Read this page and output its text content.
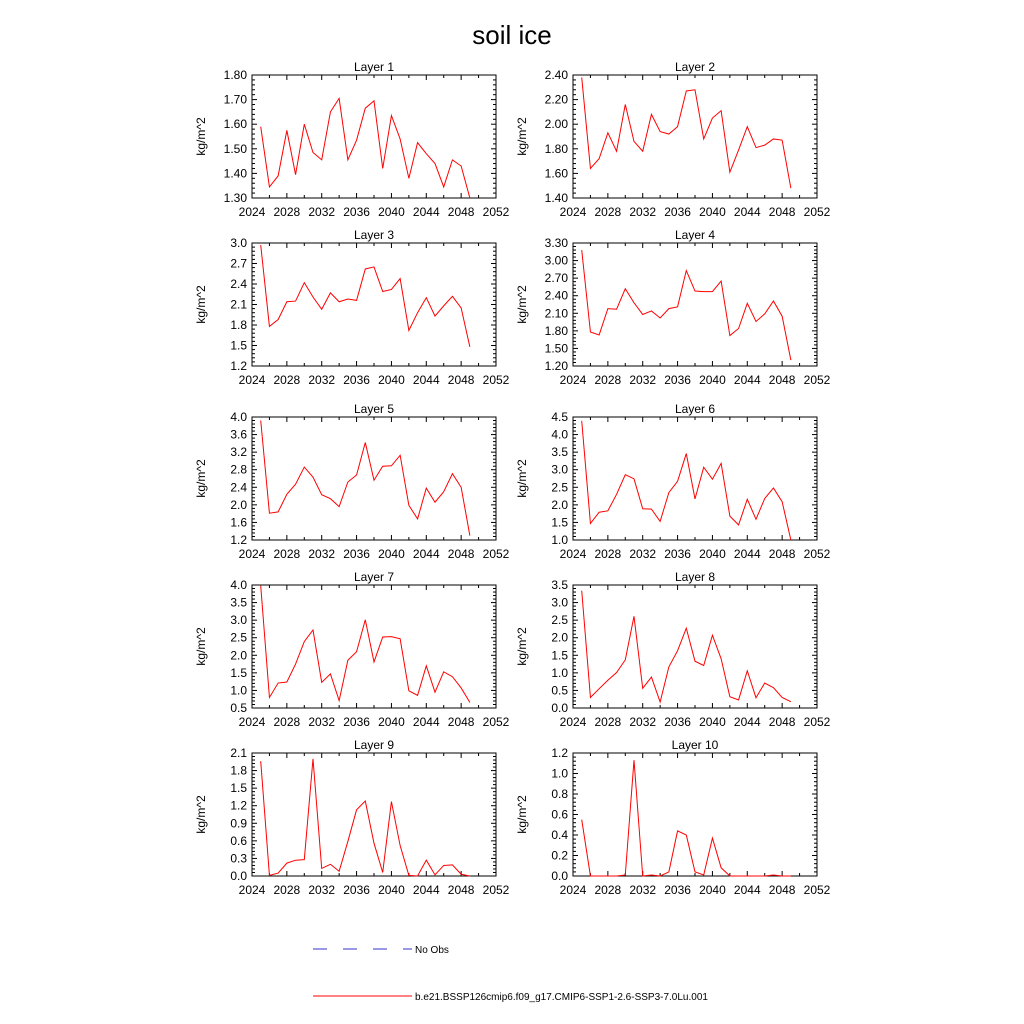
soil ice
Layer 1
kg/m^2
2024 2028 2032 2036 2040 2044 2048 2052
1.30
1.40
1.50
1.60
1.70
1.80
Layer 2
kg/m^2
2024 2028 2032 2036 2040 2044 2048 2052
1.40
1.60
1.80
2.00
2.20
2.40
Layer 3
kg/m^2
2024 2028 2032 2036 2040 2044 2048 2052
1.2
1.5
1.8
2.1
2.4
2.7
3.0
Layer 4
kg/m^2
2024 2028 2032 2036 2040 2044 2048 2052
1.20
1.50
1.80
2.10
2.40
2.70
3.00
3.30
Layer 5
kg/m^2
2024 2028 2032 2036 2040 2044 2048 2052
1.2
1.6
2.0
2.4
2.8
3.2
3.6
4.0
Layer 6
kg/m^2
2024 2028 2032 2036 2040 2044 2048 2052
1.0
1.5
2.0
2.5
3.0
3.5
4.0
4.5
Layer 7
kg/m^2
2024 2028 2032 2036 2040 2044 2048 2052
0.5
1.0
1.5
2.0
2.5
3.0
3.5
4.0
Layer 8
kg/m^2
2024 2028 2032 2036 2040 2044 2048 2052
0.0
0.5
1.0
1.5
2.0
2.5
3.0
3.5
Layer 9
kg/m^2
2024 2028 2032 2036 2040 2044 2048 2052
0.0
0.3
0.6
0.9
1.2
1.5
1.8
2.1
Layer 10
kg/m^2
2024 2028 2032 2036 2040 2044 2048 2052
0.0
0.2
0.4
0.6
0.8
1.0
1.2
No Obs
b.e21.BSSP126cmip6.f09_g17.CMIP6-SSP1-2.6-SSP3-7.0Lu.001
